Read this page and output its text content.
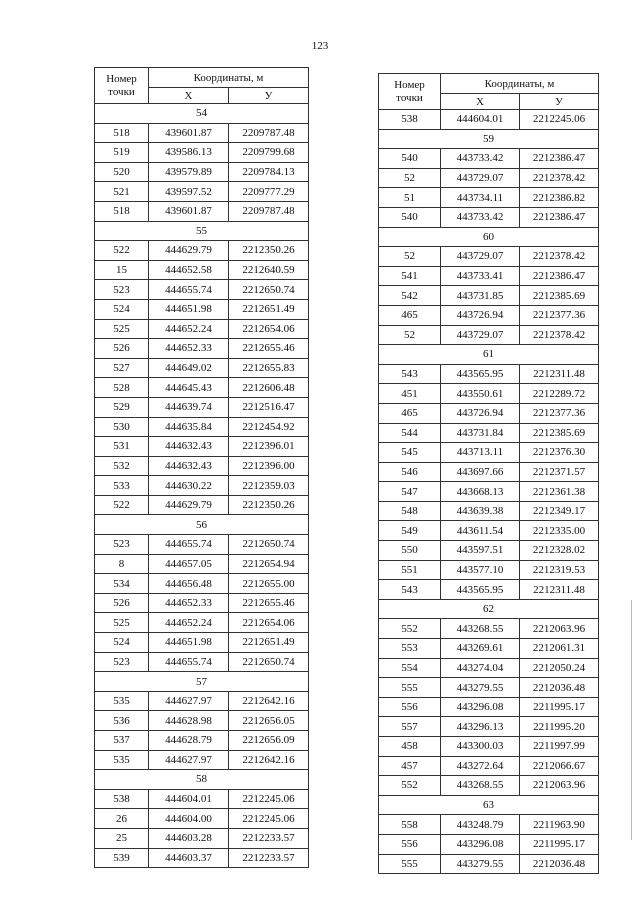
123
Номер
точки	Координаты, м	
	X	У
54		
518	439601.87	2209787.48
519	439586.13	2209799.68
520	439579.89	2209784.13
521	439597.52	2209777.29
518	439601.87	2209787.48
55		
522	444629.79	2212350.26
15	444652.58	2212640.59
523	444655.74	2212650.74
524	444651.98	2212651.49
525	444652.24	2212654.06
526	444652.33	2212655.46
527	444649.02	2212655.83
528	444645.43	2212606.48
529	444639.74	2212516.47
530	444635.84	2212454.92
531	444632.43	2212396.01
532	444632.43	2212396.00
533	444630.22	2212359.03
522	444629.79	2212350.26
56		
523	444655.74	2212650.74
8	444657.05	2212654.94
534	444656.48	2212655.00
526	444652.33	2212655.46
525	444652.24	2212654.06
524	444651.98	2212651.49
523	444655.74	2212650.74
57		
535	444627.97	2212642.16
536	444628.98	2212656.05
537	444628.79	2212656.09
535	444627.97	2212642.16
58		
538	444604.01	2212245.06
26	444604.00	2212245.06
25	444603.28	2212233.57
539	444603.37	2212233.57
Номер
точки	Координаты, м	
	X	У
538	444604.01	2212245.06
59		
540	443733.42	2212386.47
52	443729.07	2212378.42
51	443734.11	2212386.82
540	443733.42	2212386.47
60		
52	443729.07	2212378.42
541	443733.41	2212386.47
542	443731.85	2212385.69
465	443726.94	2212377.36
52	443729.07	2212378.42
61		
543	443565.95	2212311.48
451	443550.61	2212289.72
465	443726.94	2212377.36
544	443731.84	2212385.69
545	443713.11	2212376.30
546	443697.66	2212371.57
547	443668.13	2212361.38
548	443639.38	2212349.17
549	443611.54	2212335.00
550	443597.51	2212328.02
551	443577.10	2212319.53
543	443565.95	2212311.48
62		
552	443268.55	2212063.96
553	443269.61	2212061.31
554	443274.04	2212050.24
555	443279.55	2212036.48
556	443296.08	2211995.17
557	443296.13	2211995.20
458	443300.03	2211997.99
457	443272.64	2212066.67
552	443268.55	2212063.96
63		
558	443248.79	2211963.90
556	443296.08	2211995.17
555	443279.55	2212036.48
